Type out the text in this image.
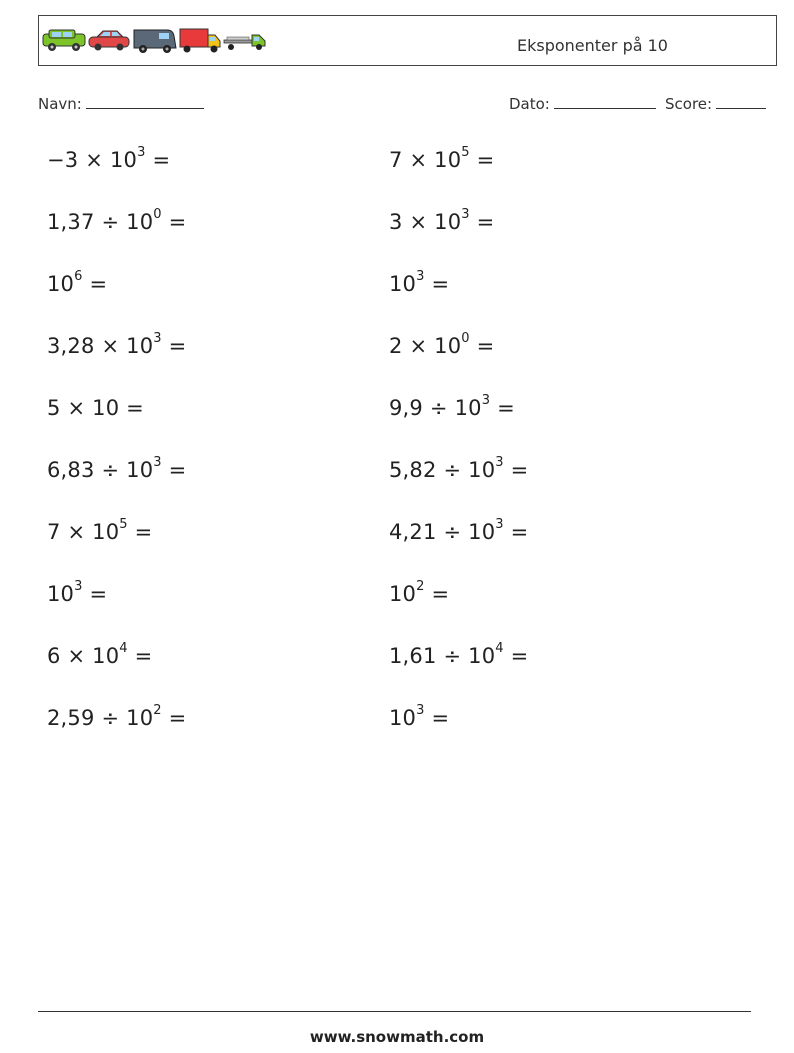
Eksponenter på 10
Navn:	Dato:	Score:
$-3 \times 10^3$ =
$1,37 \div 10^0$ =
$10^6$ =
$3,28 \times 10^3$ =
5 × 10 =
$6,83 \div 10^3$ =
$7 \times 10^5$ =
$10^3$ =
$6 \times 10^4$ =
$2,59 \div 10^2$ =
$7 \times 10^5$ =
$3 \times 10^3$ =
$10^3$ =
$2 \times 10^0$ =
$9,9 \div 10^3$ =
$5,82 \div 10^3$ =
$4,21 \div 10^3$ =
$10^2$ =
$1,61 \div 10^4$ =
$10^3$ =
www.snowmath.com
